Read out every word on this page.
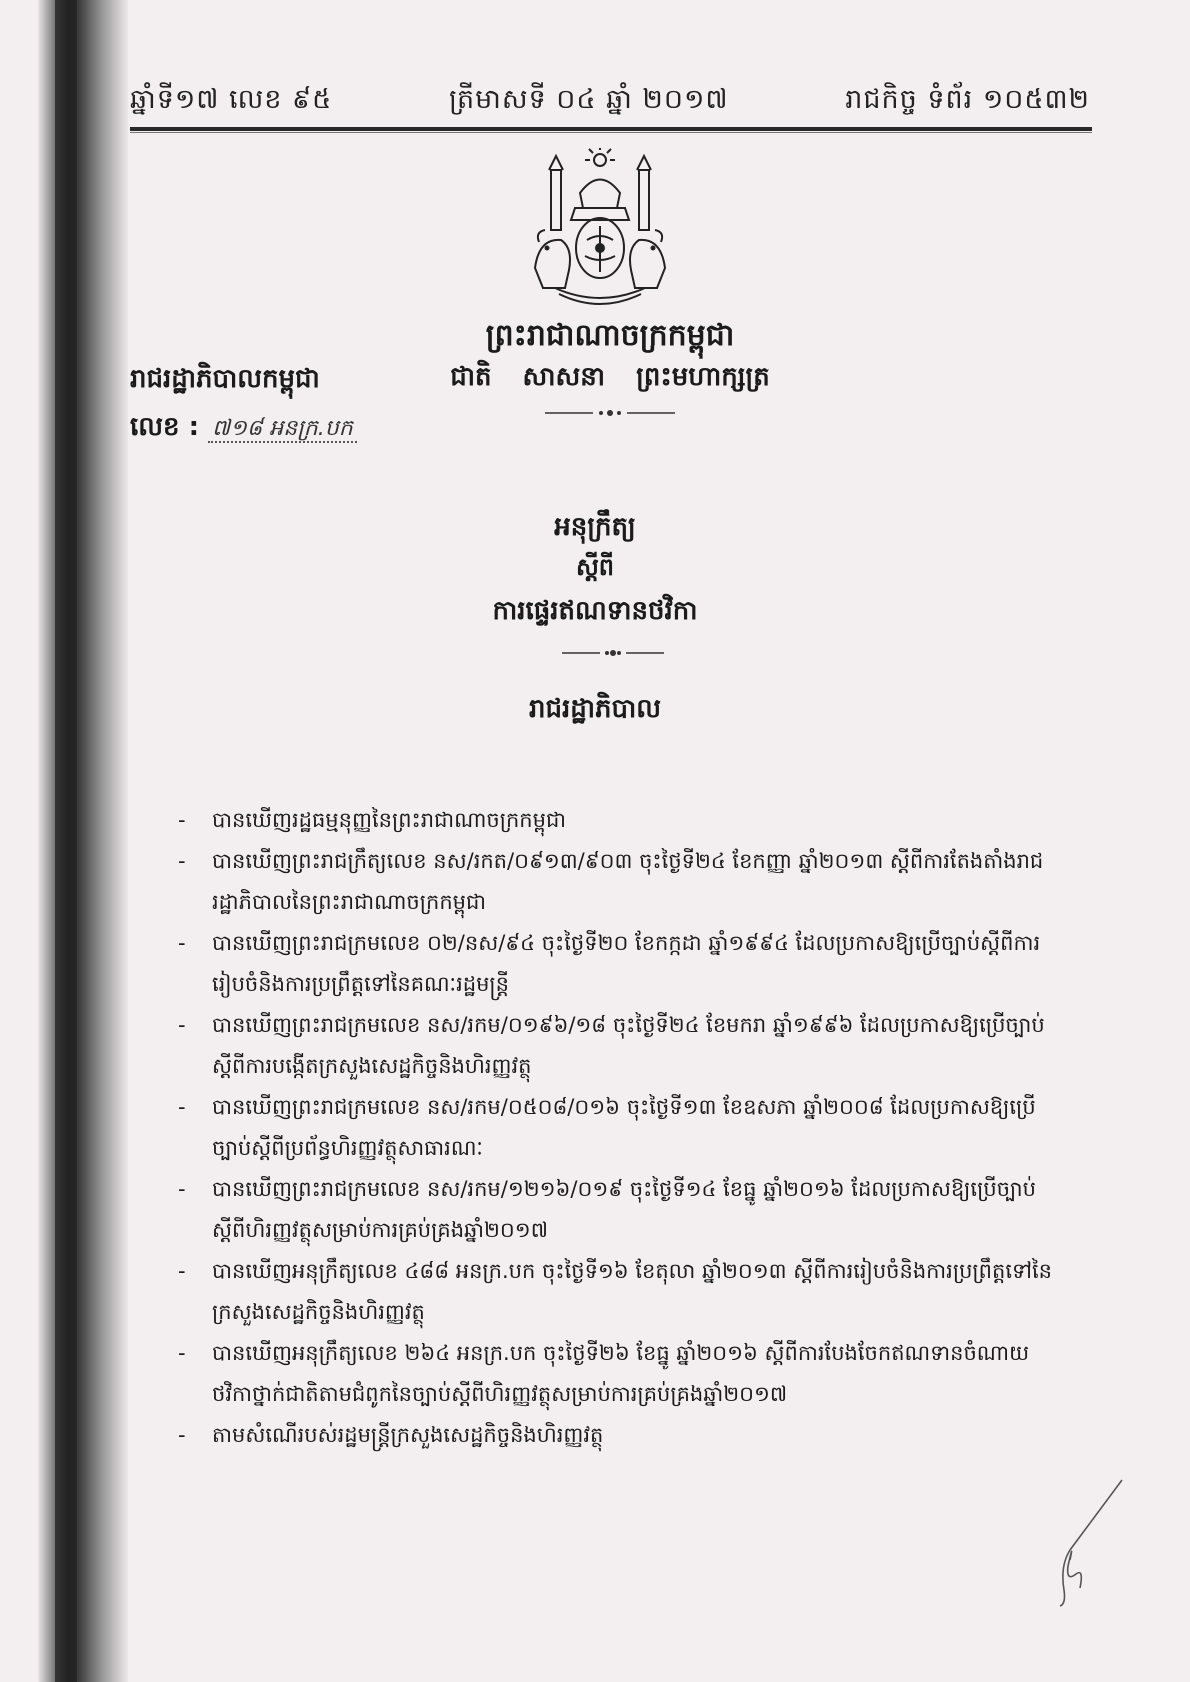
ឆ្នាំទី១៧ លេខ ៩៥	ត្រីមាសទី ០៤ ឆ្នាំ ២០១៧	រាជកិច្ច ទំព័រ ១០៥៣២
ព្រះរាជាណាចក្រកម្ពុជា
ជាតិ សាសនា ព្រះមហាក្សត្រ
រាជរដ្ឋាភិបាលកម្ពុជា
លេខ : ៧១៨ អនក្រ.បក
អនុក្រឹត្យ
ស្តីពី
ការផ្ទេរឥណទានថវិកា
រាជរដ្ឋាភិបាល
- បានឃើញរដ្ឋធម្មនុញ្ញនៃព្រះរាជាណាចក្រកម្ពុជា
- បានឃើញព្រះរាជក្រឹត្យលេខ នស/រកត/០៩១៣/៩០៣ ចុះថ្ងៃទី២៤ ខែកញ្ញា ឆ្នាំ២០១៣ ស្តីពីការតែងតាំងរាជរដ្ឋាភិបាលនៃព្រះរាជាណាចក្រកម្ពុជា
- បានឃើញព្រះរាជក្រមលេខ ០២/នស/៩៤ ចុះថ្ងៃទី២០ ខែកក្កដា ឆ្នាំ១៩៩៤ ដែលប្រកាសឱ្យប្រើច្បាប់ស្តីពីការរៀបចំនិងការប្រព្រឹត្តទៅនៃគណៈរដ្ឋមន្ត្រី
- បានឃើញព្រះរាជក្រមលេខ នស/រកម/០១៩៦/១៨ ចុះថ្ងៃទី២៤ ខែមករា ឆ្នាំ១៩៩៦ ដែលប្រកាសឱ្យប្រើច្បាប់ស្តីពីការបង្កើតក្រសួងសេដ្ឋកិច្ចនិងហិរញ្ញវត្ថុ
- បានឃើញព្រះរាជក្រមលេខ នស/រកម/០៥០៨/០១៦ ចុះថ្ងៃទី១៣ ខែឧសភា ឆ្នាំ២០០៨ ដែលប្រកាសឱ្យប្រើច្បាប់ស្តីពីប្រព័ន្ធហិរញ្ញវត្ថុសាធារណៈ
- បានឃើញព្រះរាជក្រមលេខ នស/រកម/១២១៦/០១៩ ចុះថ្ងៃទី១៤ ខែធ្នូ ឆ្នាំ២០១៦ ដែលប្រកាសឱ្យប្រើច្បាប់ស្តីពីហិរញ្ញវត្ថុសម្រាប់ការគ្រប់គ្រងឆ្នាំ២០១៧
- បានឃើញអនុក្រឹត្យលេខ ៤៨៨ អនក្រ.បក ចុះថ្ងៃទី១៦ ខែតុលា ឆ្នាំ២០១៣ ស្តីពីការរៀបចំនិងការប្រព្រឹត្តទៅនៃក្រសួងសេដ្ឋកិច្ចនិងហិរញ្ញវត្ថុ
- បានឃើញអនុក្រឹត្យលេខ ២៦៤ អនក្រ.បក ចុះថ្ងៃទី២៦ ខែធ្នូ ឆ្នាំ២០១៦ ស្តីពីការបែងចែកឥណទានចំណាយថវិកាថ្នាក់ជាតិតាមជំពូកនៃច្បាប់ស្តីពីហិរញ្ញវត្ថុសម្រាប់ការគ្រប់គ្រងឆ្នាំ២០១៧
- តាមសំណើរបស់រដ្ឋមន្ត្រីក្រសួងសេដ្ឋកិច្ចនិងហិរញ្ញវត្ថុ
